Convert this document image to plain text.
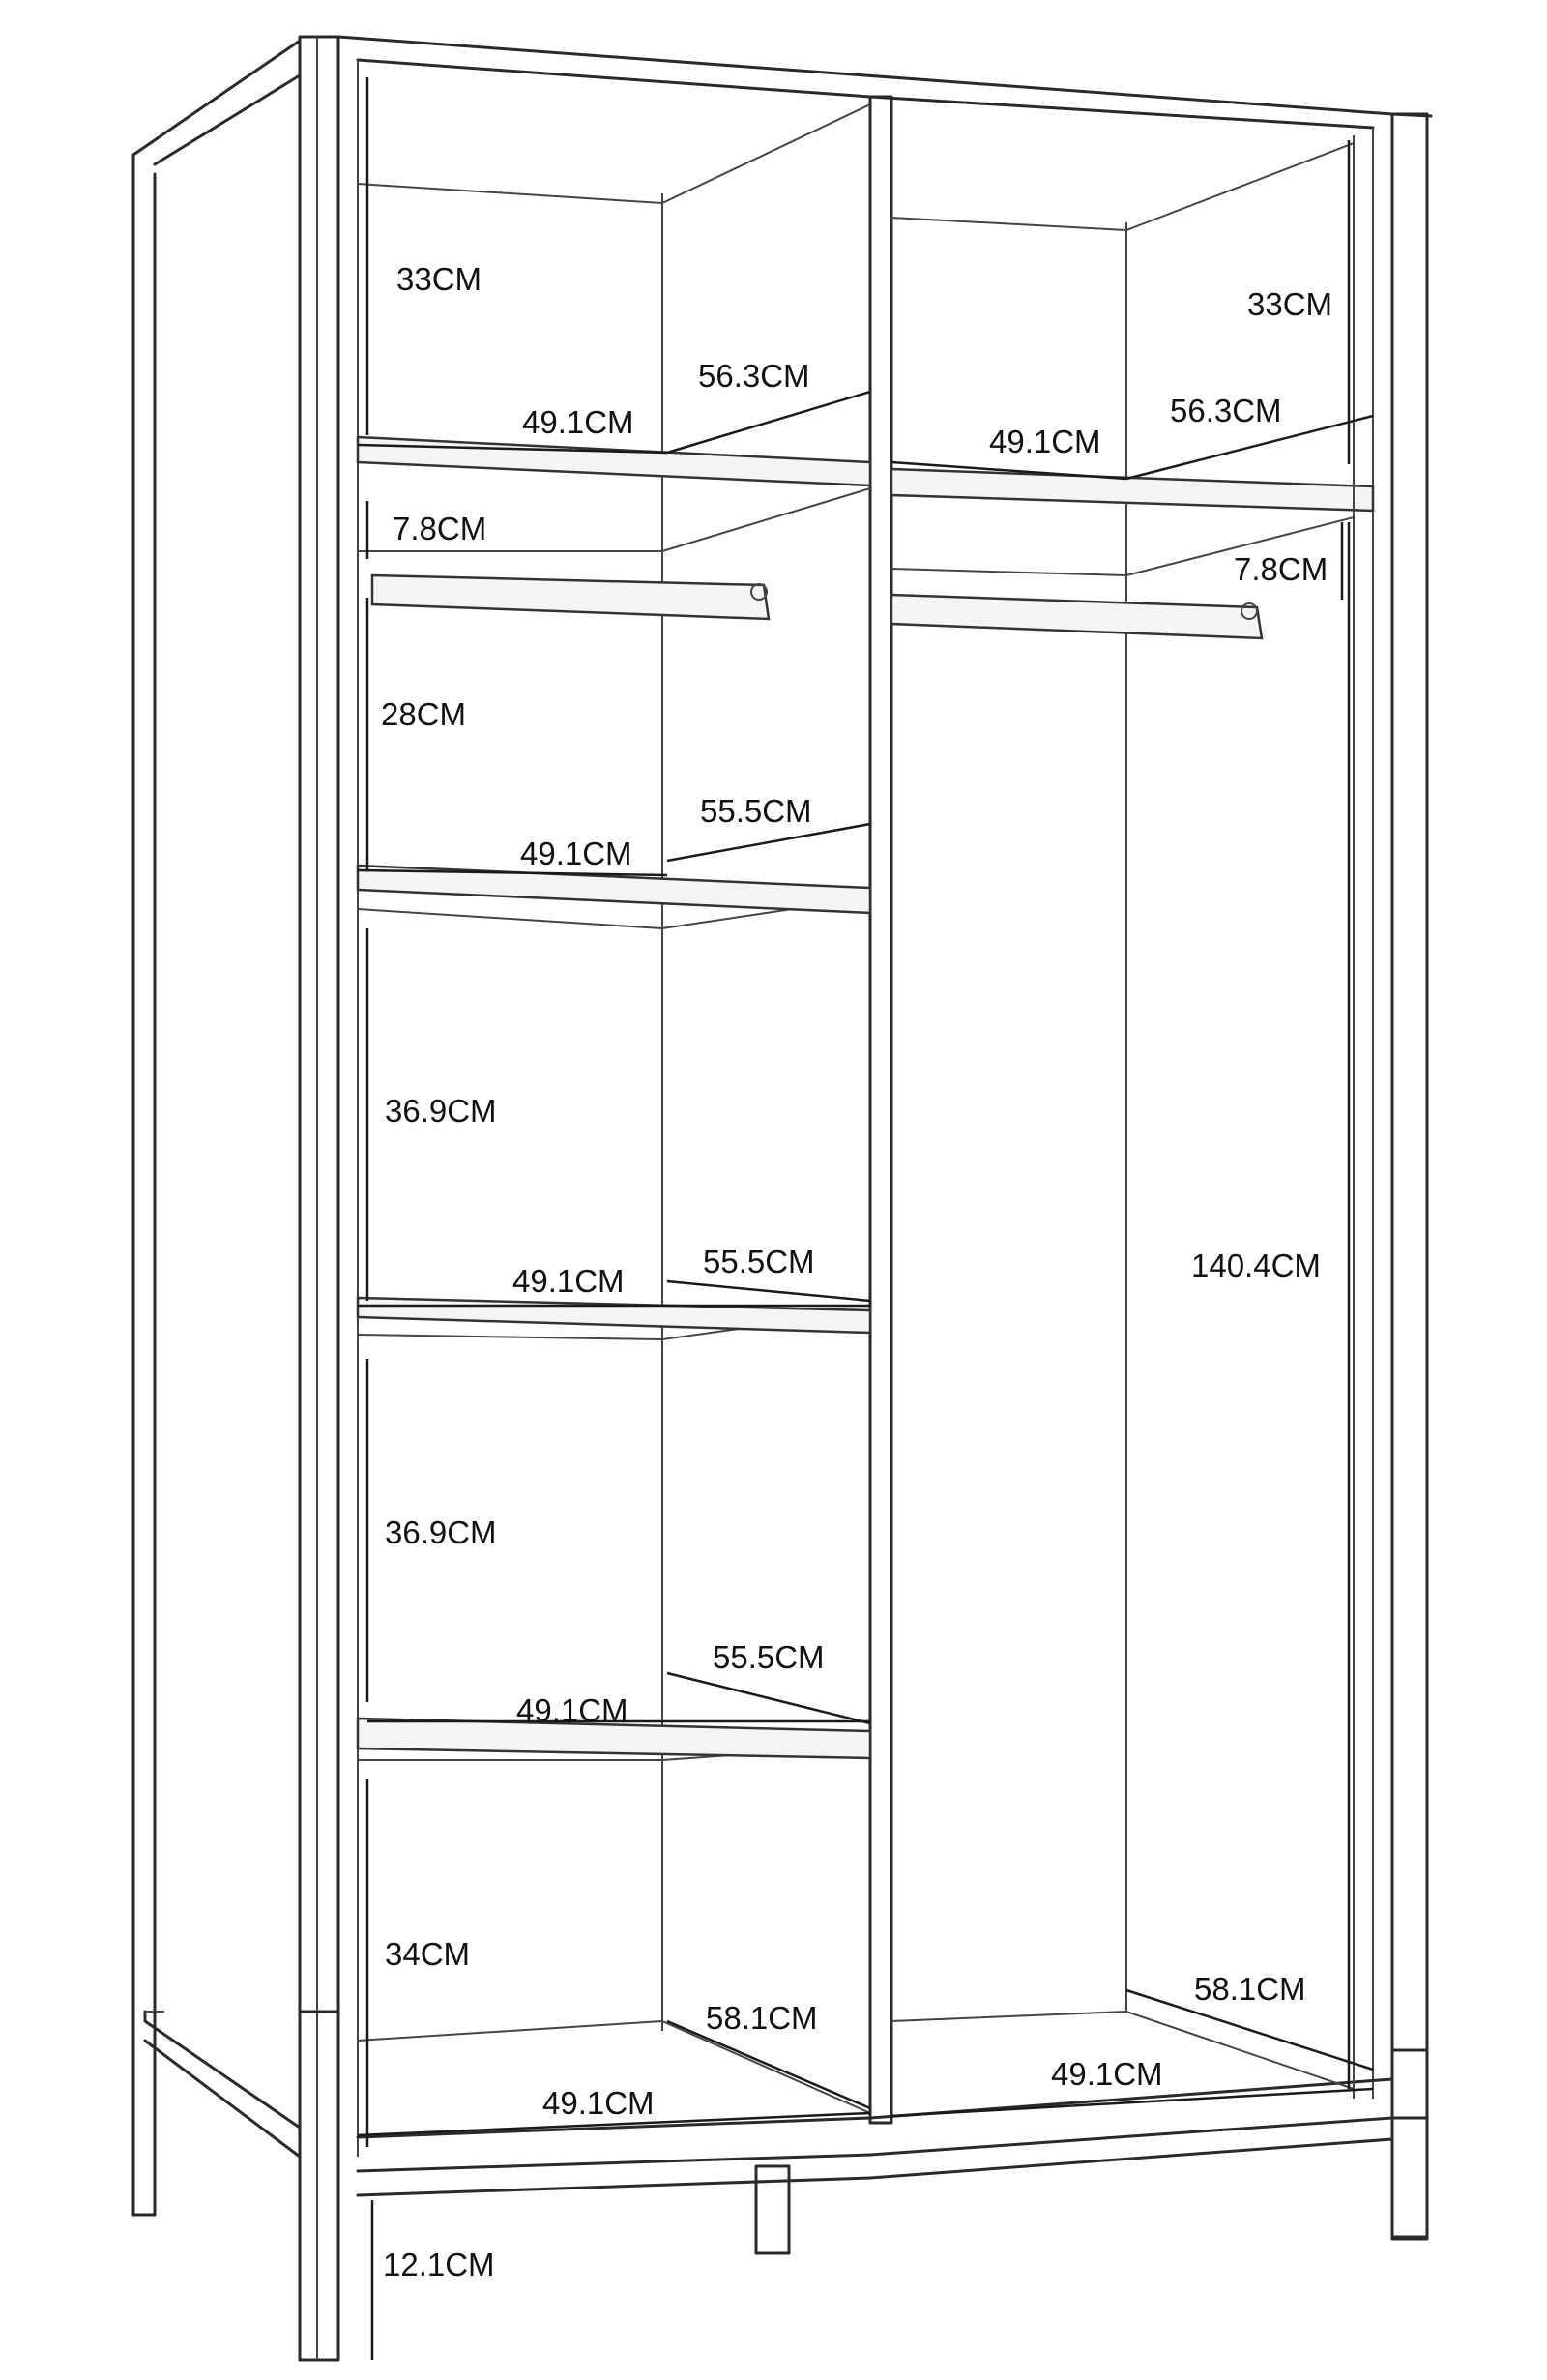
33CM
49.1CM
56.3CM
33CM
49.1CM
56.3CM
7.8CM
7.8CM
28CM
49.1CM
55.5CM
36.9CM
49.1CM
55.5CM	140.4CM
36.9CM
49.1CM
55.5CM
34CM
49.1CM
58.1CM
49.1CM
58.1CM
12.1CM
